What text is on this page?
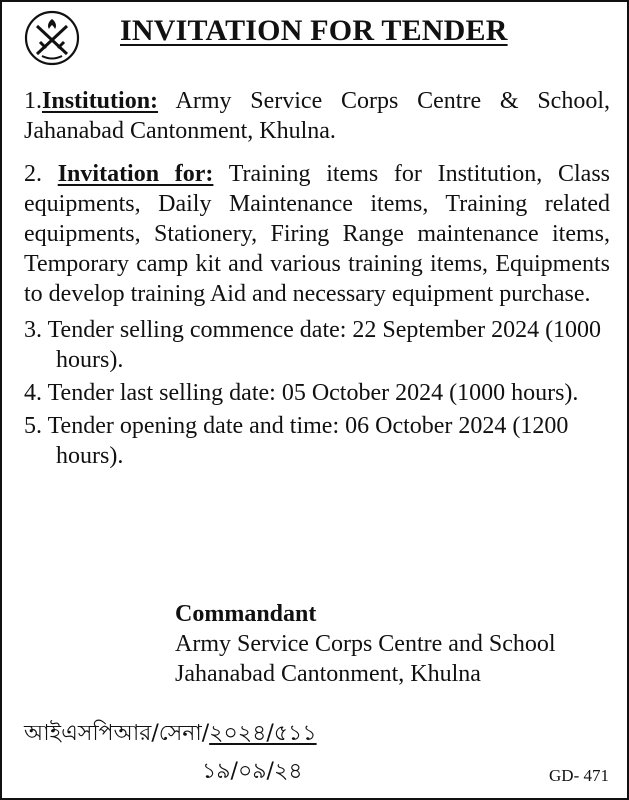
INVITATION FOR TENDER

1.Institution: Army Service Corps Centre & School, Jahanabad Cantonment, Khulna.

2. Invitation for: Training items for Institution, Class equipments, Daily Maintenance items, Training related equipments, Stationery, Firing Range maintenance items, Temporary camp kit and various training items, Equipments to develop training Aid and necessary equipment purchase.

3. Tender selling commence date: 22 September 2024 (1000 hours).

4. Tender last selling date: 05 October 2024 (1000 hours).

5. Tender opening date and time: 06 October 2024 (1200 hours).

Commandant
Army Service Corps Centre and School
Jahanabad Cantonment, Khulna
আইএসপিআর/সেনা/২০২৪/৫১১
১৯/০৯/২৪	GD- 471
